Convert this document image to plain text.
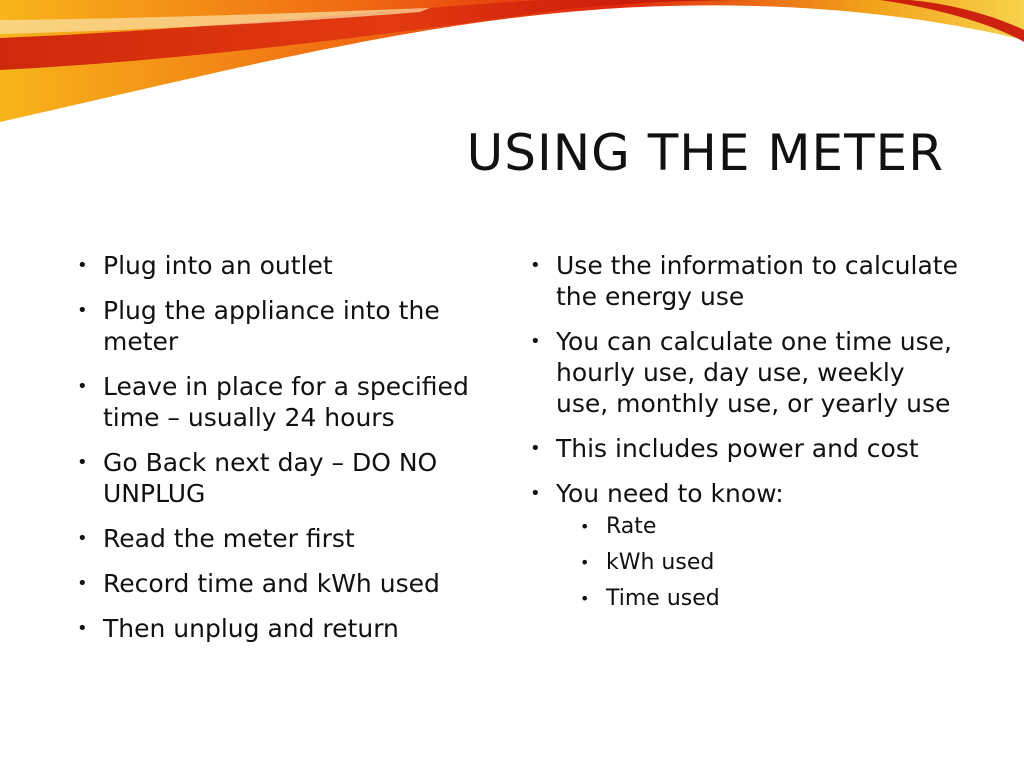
USING THE METER
• Plug into an outlet
• Plug the appliance into the meter
• Leave in place for a specified time – usually 24 hours
• Go Back next day – DO NO UNPLUG
• Read the meter first
• Record time and kWh used
• Then unplug and return
• Use the information to calculate the energy use
• You can calculate one time use, hourly use, day use, weekly use, monthly use, or yearly use
• This includes power and cost
• You need to know:
• Rate
• kWh used
• Time used
